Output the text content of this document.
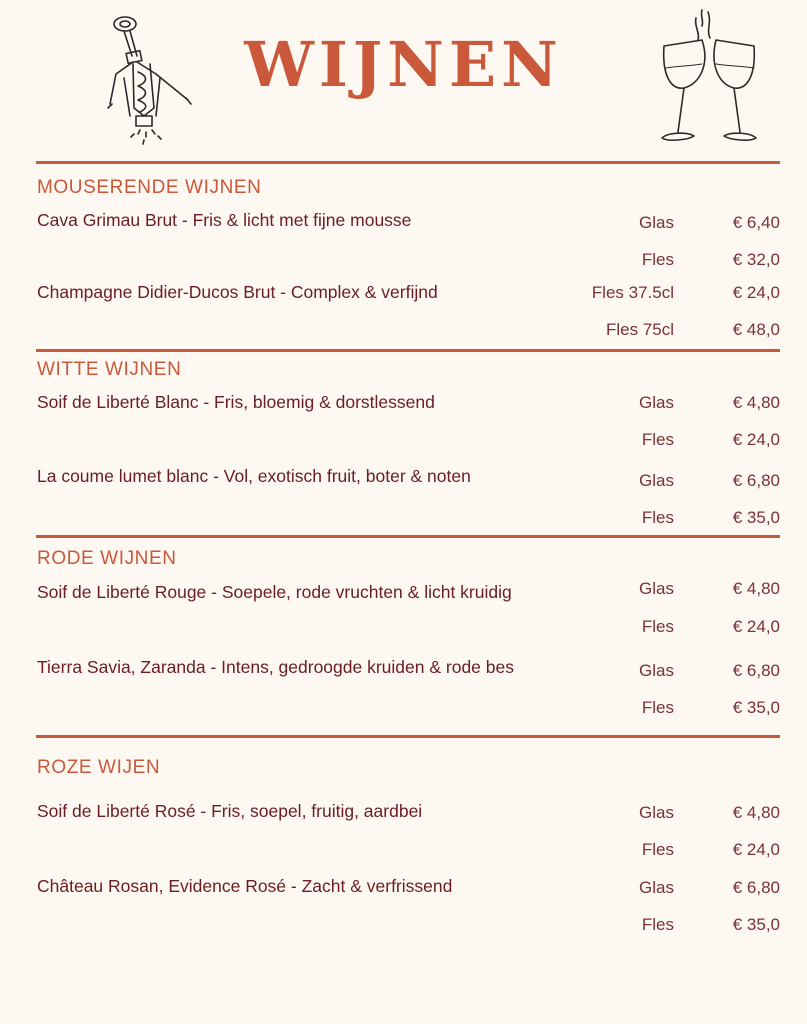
WIJNEN
MOUSERENDE WIJNEN
Cava Grimau Brut - Fris & licht met fijne mousse	Glas	€ 6,40
Fles	€ 32,0
Champagne Didier-Ducos Brut - Complex & verfijnd	Fles 37.5cl	€ 24,0
Fles 75cl	€ 48,0
WITTE WIJNEN
Soif de Liberté Blanc - Fris, bloemig & dorstlessend	Glas	€ 4,80
Fles	€ 24,0
La coume lumet blanc - Vol, exotisch fruit, boter & noten	Glas	€ 6,80
Fles	€ 35,0
RODE WIJNEN
Soif de Liberté Rouge - Soepele, rode vruchten & licht kruidig	Glas	€ 4,80
Fles	€ 24,0
Tierra Savia, Zaranda - Intens, gedroogde kruiden & rode bes	Glas	€ 6,80
Fles	€ 35,0
ROZE WIJEN
Soif de Liberté Rosé - Fris, soepel, fruitig, aardbei	Glas	€ 4,80
Fles	€ 24,0
Château Rosan, Evidence Rosé - Zacht & verfrissend	Glas	€ 6,80
Fles	€ 35,0
